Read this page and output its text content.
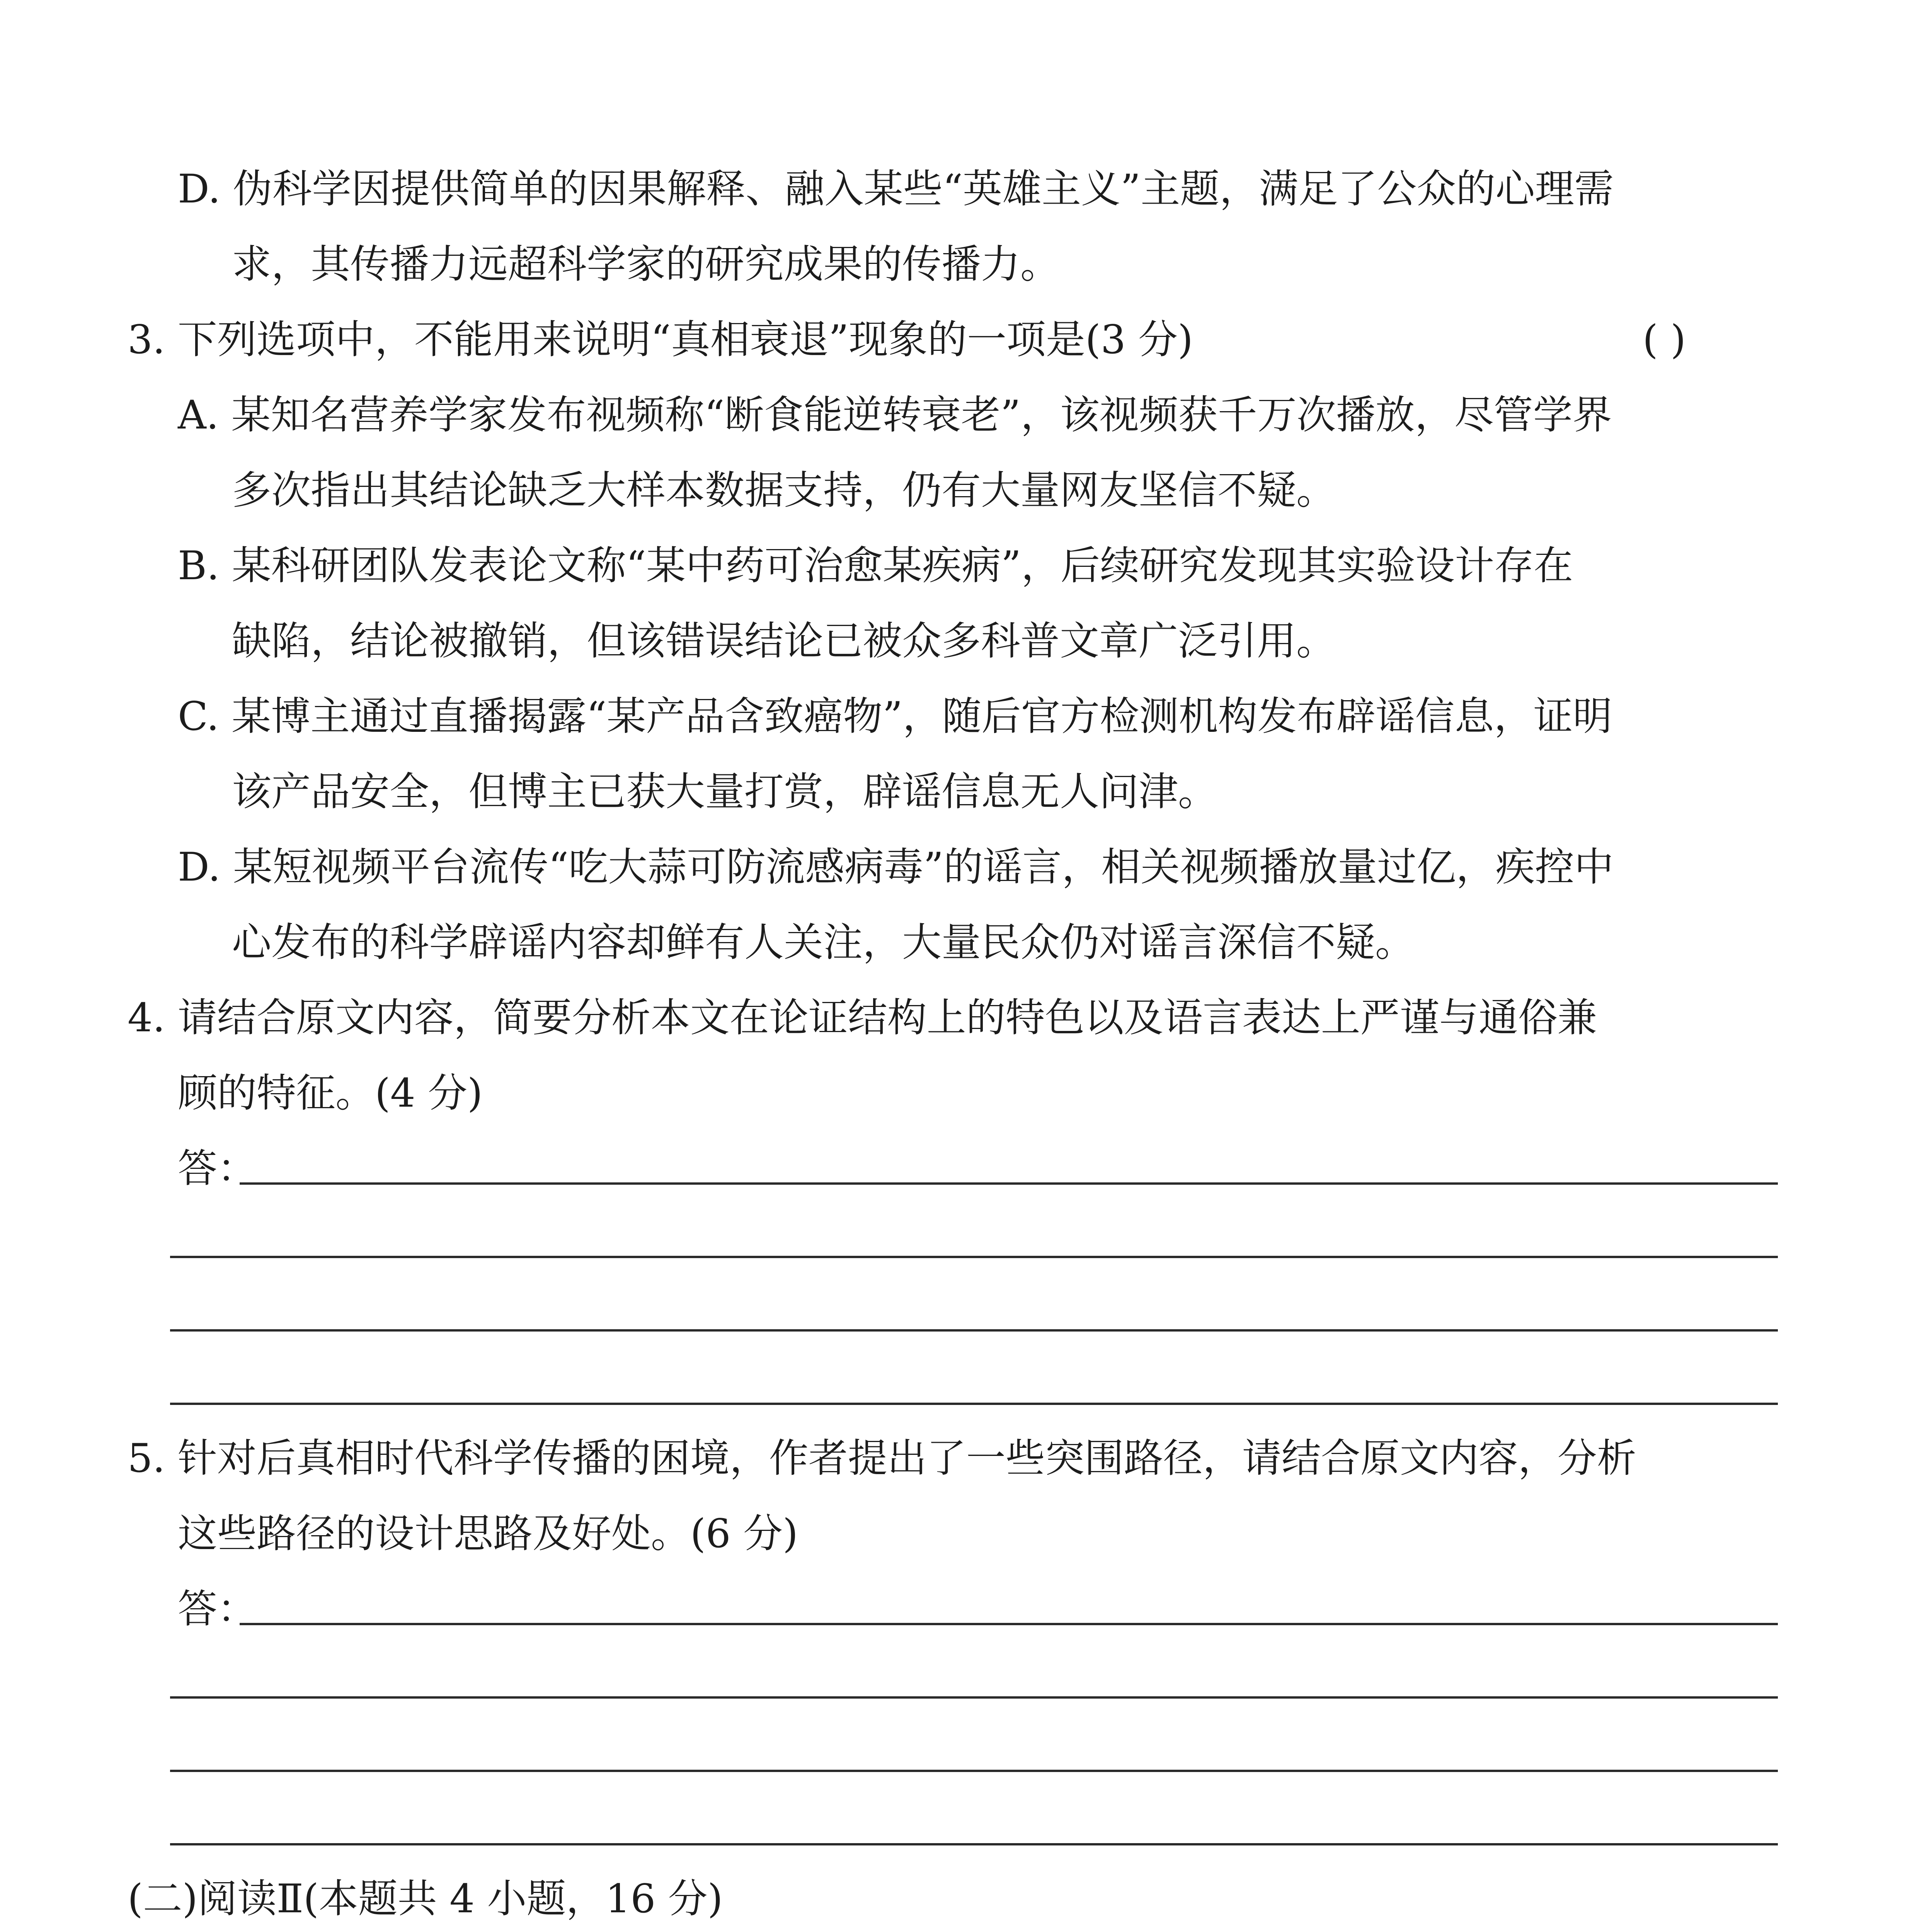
D. 伪科学因提供简单的因果解释、融入某些“英雄主义”主题，满足了公众的心理需
求，其传播力远超科学家的研究成果的传播力。
3. 下列选项中，不能用来说明“真相衰退”现象的一项是(3 分)	( )
A. 某知名营养学家发布视频称“断食能逆转衰老”，该视频获千万次播放，尽管学界
多次指出其结论缺乏大样本数据支持，仍有大量网友坚信不疑。
B. 某科研团队发表论文称“某中药可治愈某疾病”，后续研究发现其实验设计存在
缺陷，结论被撤销，但该错误结论已被众多科普文章广泛引用。
C. 某博主通过直播揭露“某产品含致癌物”，随后官方检测机构发布辟谣信息，证明
该产品安全，但博主已获大量打赏，辟谣信息无人问津。
D. 某短视频平台流传“吃大蒜可防流感病毒”的谣言，相关视频播放量过亿，疾控中
心发布的科学辟谣内容却鲜有人关注，大量民众仍对谣言深信不疑。
4. 请结合原文内容，简要分析本文在论证结构上的特色以及语言表达上严谨与通俗兼
顾的特征。(4 分)
答：
5. 针对后真相时代科学传播的困境，作者提出了一些突围路径，请结合原文内容，分析
这些路径的设计思路及好处。(6 分)
答：
(二)阅读Ⅱ(本题共 4 小题，16 分)
